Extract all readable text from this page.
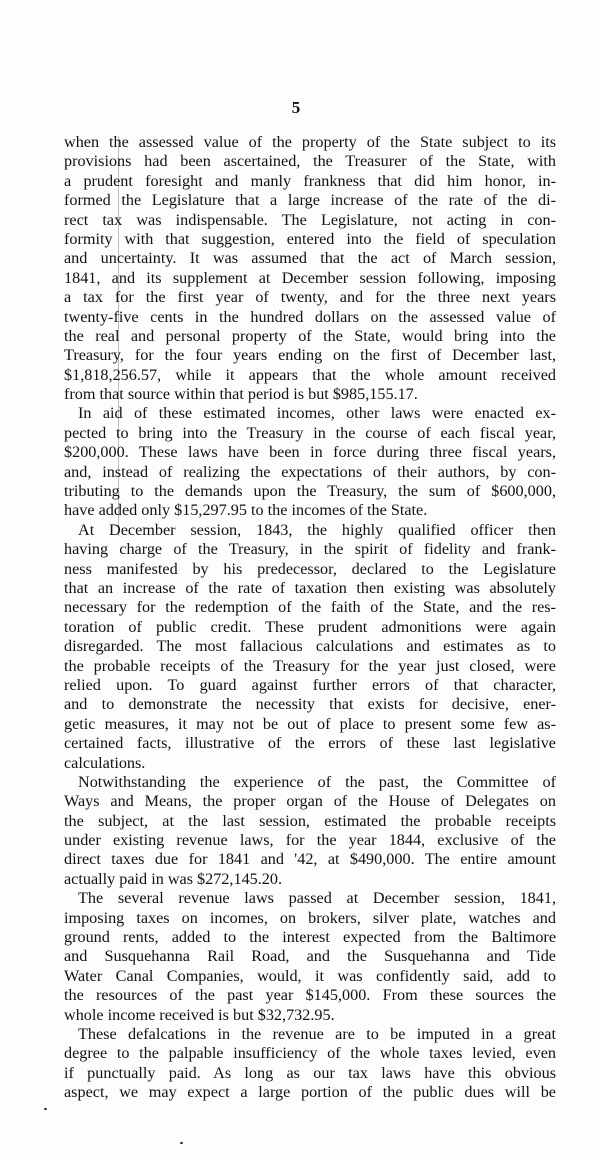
5
when the assessed value of the property of the State subject to its
provisions had been ascertained, the Treasurer of the State, with
a prudent foresight and manly frankness that did him honor, in-
formed the Legislature that a large increase of the rate of the di-
rect tax was indispensable. The Legislature, not acting in con-
formity with that suggestion, entered into the field of speculation
and uncertainty. It was assumed that the act of March session,
1841, and its supplement at December session following, imposing
a tax for the first year of twenty, and for the three next years
twenty-five cents in the hundred dollars on the assessed value of
the real and personal property of the State, would bring into the
Treasury, for the four years ending on the first of December last,
$1,818,256.57, while it appears that the whole amount received
from that source within that period is but $985,155.17.
In aid of these estimated incomes, other laws were enacted ex-
pected to bring into the Treasury in the course of each fiscal year,
$200,000. These laws have been in force during three fiscal years,
and, instead of realizing the expectations of their authors, by con-
tributing to the demands upon the Treasury, the sum of $600,000,
have added only $15,297.95 to the incomes of the State.
At December session, 1843, the highly qualified officer then
having charge of the Treasury, in the spirit of fidelity and frank-
ness manifested by his predecessor, declared to the Legislature
that an increase of the rate of taxation then existing was absolutely
necessary for the redemption of the faith of the State, and the res-
toration of public credit. These prudent admonitions were again
disregarded. The most fallacious calculations and estimates as to
the probable receipts of the Treasury for the year just closed, were
relied upon. To guard against further errors of that character,
and to demonstrate the necessity that exists for decisive, ener-
getic measures, it may not be out of place to present some few as-
certained facts, illustrative of the errors of these last legislative
calculations.
Notwithstanding the experience of the past, the Committee of
Ways and Means, the proper organ of the House of Delegates on
the subject, at the last session, estimated the probable receipts
under existing revenue laws, for the year 1844, exclusive of the
direct taxes due for 1841 and '42, at $490,000. The entire amount
actually paid in was $272,145.20.
The several revenue laws passed at December session, 1841,
imposing taxes on incomes, on brokers, silver plate, watches and
ground rents, added to the interest expected from the Baltimore
and Susquehanna Rail Road, and the Susquehanna and Tide
Water Canal Companies, would, it was confidently said, add to
the resources of the past year $145,000. From these sources the
whole income received is but $32,732.95.
These defalcations in the revenue are to be imputed in a great
degree to the palpable insufficiency of the whole taxes levied, even
if punctually paid. As long as our tax laws have this obvious
aspect, we may expect a large portion of the public dues will be
